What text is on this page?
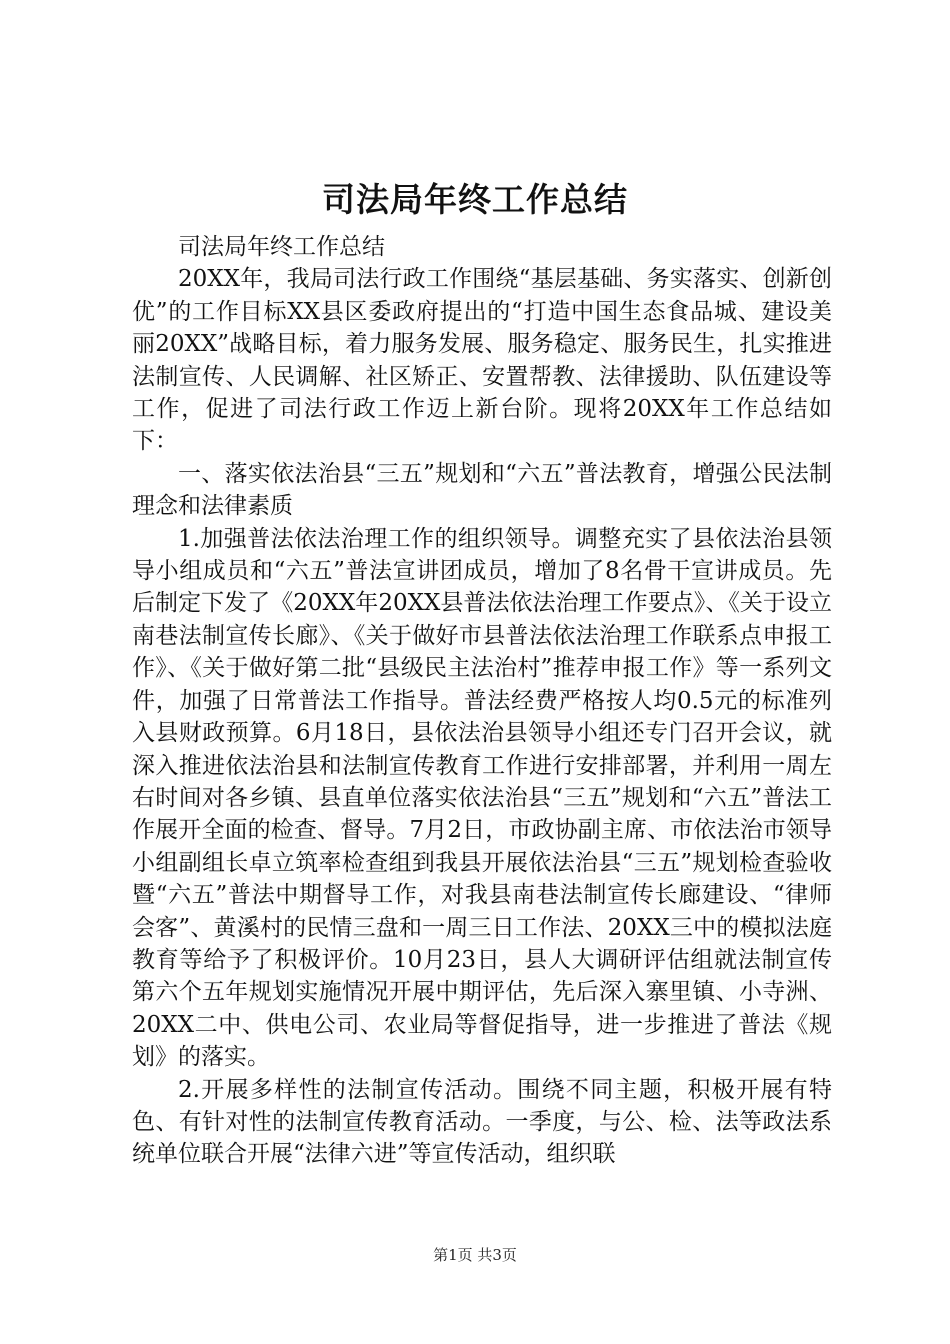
司法局年终工作总结

司法局年终工作总结

20XX年，我局司法行政工作围绕“基层基础、务实落实、创新创优”的工作目标XX县区委政府提出的“打造中国生态食品城、建设美丽20XX”战略目标，着力服务发展、服务稳定、服务民生，扎实推进法制宣传、人民调解、社区矫正、安置帮教、法律援助、队伍建设等工作，促进了司法行政工作迈上新台阶。现将20XX年工作总结如下：

一、落实依法治县“三五”规划和“六五”普法教育，增强公民法制理念和法律素质

1.加强普法依法治理工作的组织领导。调整充实了县依法治县领导小组成员和“六五”普法宣讲团成员，增加了8名骨干宣讲成员。先后制定下发了《20XX年20XX县普法依法治理工作要点》、《关于设立南巷法制宣传长廊》、《关于做好市县普法依法治理工作联系点申报工作》、《关于做好第二批“县级民主法治村”推荐申报工作》等一系列文件，加强了日常普法工作指导。普法经费严格按人均0.5元的标准列入县财政预算。6月18日，县依法治县领导小组还专门召开会议，就深入推进依法治县和法制宣传教育工作进行安排部署，并利用一周左右时间对各乡镇、县直单位落实依法治县“三五”规划和“六五”普法工作展开全面的检查、督导。7月2日，市政协副主席、市依法治市领导小组副组长卓立筑率检查组到我县开展依法治县“三五”规划检查验收暨“六五”普法中期督导工作，对我县南巷法制宣传长廊建设、“律师会客”、黄溪村的民情三盘和一周三日工作法、20XX三中的模拟法庭教育等给予了积极评价。10月23日，县人大调研评估组就法制宣传第六个五年规划实施情况开展中期评估，先后深入寨里镇、小寺洲、20XX二中、供电公司、农业局等督促指导，进一步推进了普法《规划》的落实。

2.开展多样性的法制宣传活动。围绕不同主题，积极开展有特色、有针对性的法制宣传教育活动。一季度，与公、检、法等政法系统单位联合开展“法律六进”等宣传活动，组织联

第1页 共3页
